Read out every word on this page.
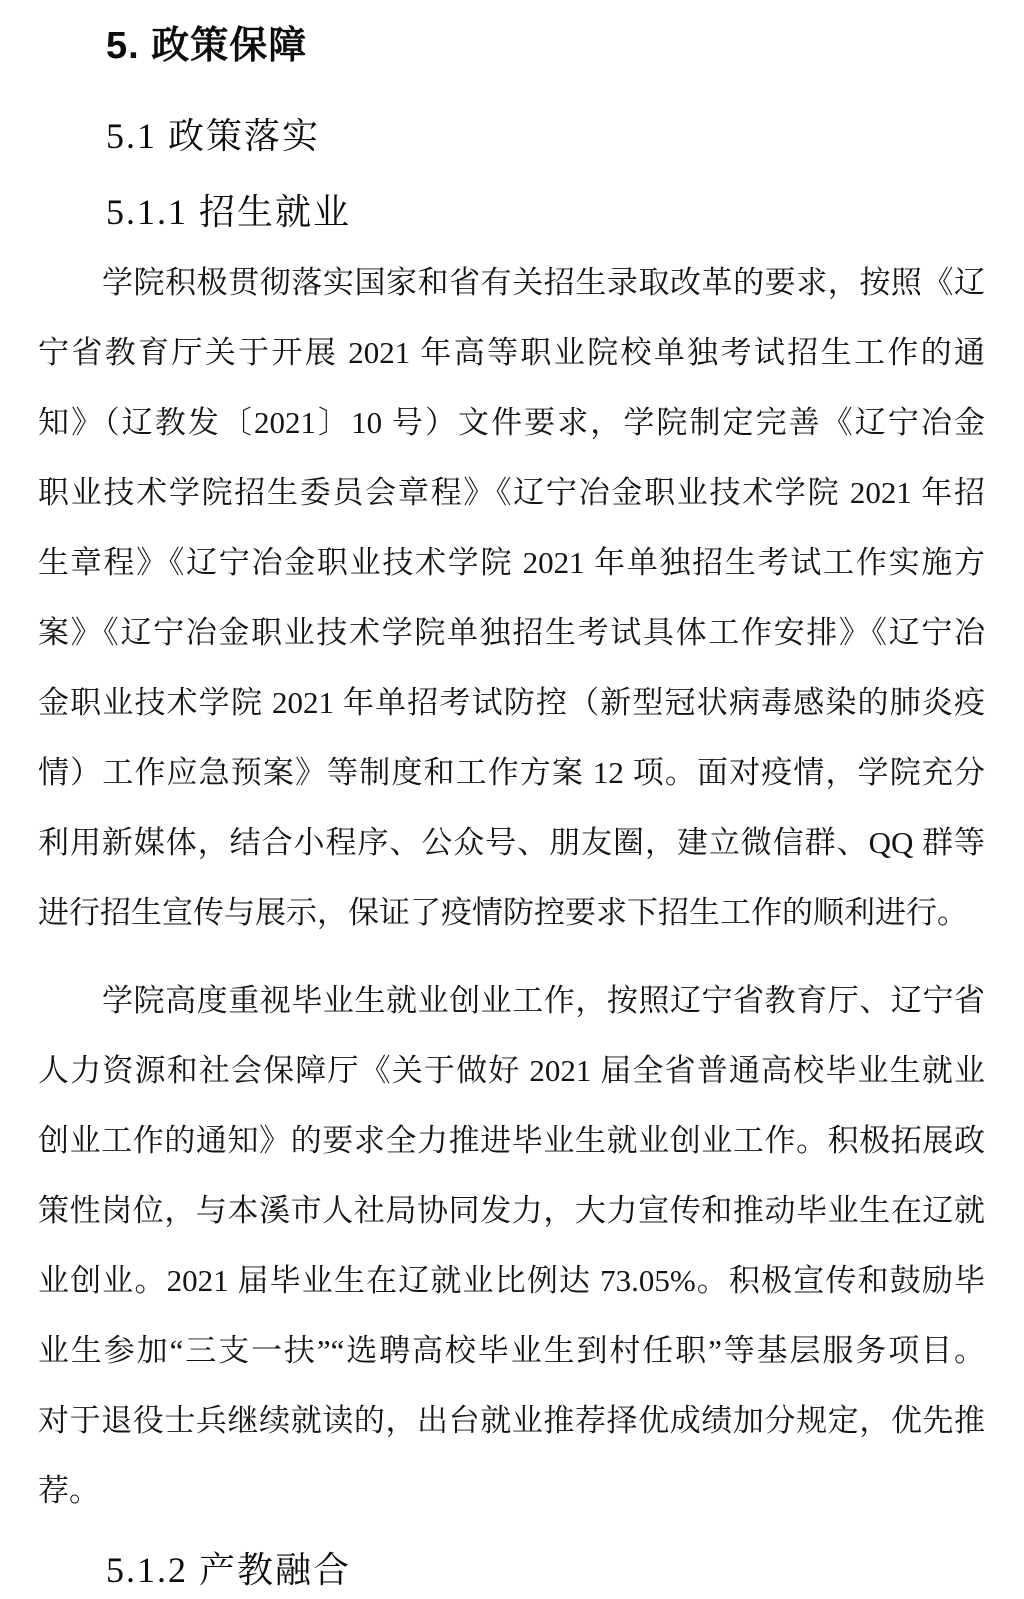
5. 政策保障
5.1 政策落实
5.1.1 招生就业
学院积极贯彻落实国家和省有关招生录取改革的要求，按照《辽
宁省教育厅关于开展 2021 年高等职业院校单独考试招生工作的通
知》（辽教发〔2021〕10 号）文件要求，学院制定完善《辽宁冶金
职业技术学院招生委员会章程》《辽宁冶金职业技术学院 2021 年招
生章程》《辽宁冶金职业技术学院 2021 年单独招生考试工作实施方
案》《辽宁冶金职业技术学院单独招生考试具体工作安排》《辽宁冶
金职业技术学院 2021 年单招考试防控（新型冠状病毒感染的肺炎疫
情）工作应急预案》等制度和工作方案 12 项。面对疫情，学院充分
利用新媒体，结合小程序、公众号、朋友圈，建立微信群、QQ 群等
进行招生宣传与展示，保证了疫情防控要求下招生工作的顺利进行。
学院高度重视毕业生就业创业工作，按照辽宁省教育厅、辽宁省
人力资源和社会保障厅《关于做好 2021 届全省普通高校毕业生就业
创业工作的通知》的要求全力推进毕业生就业创业工作。积极拓展政
策性岗位，与本溪市人社局协同发力，大力宣传和推动毕业生在辽就
业创业。2021 届毕业生在辽就业比例达 73.05%。积极宣传和鼓励毕
业生参加“三支一扶”“选聘高校毕业生到村任职”等基层服务项目。
对于退役士兵继续就读的，出台就业推荐择优成绩加分规定，优先推
荐。
5.1.2 产教融合
